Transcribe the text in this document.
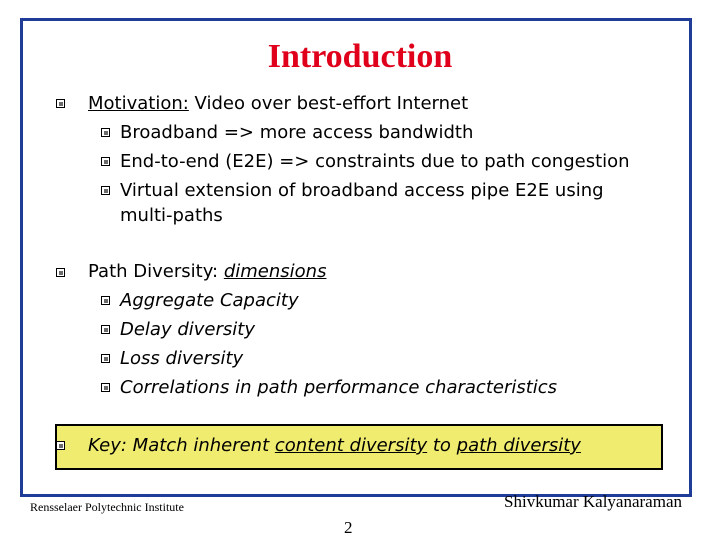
Introduction
Motivation: Video over best-effort Internet
Broadband => more access bandwidth
End-to-end (E2E) => constraints due to path congestion
Virtual extension of broadband access pipe E2E using
multi-paths
Path Diversity: dimensions
Aggregate Capacity
Delay diversity
Loss diversity
Correlations in path performance characteristics
Key: Match inherent content diversity to path diversity
Rensselaer Polytechnic Institute	Shivkumar Kalyanaraman
2
